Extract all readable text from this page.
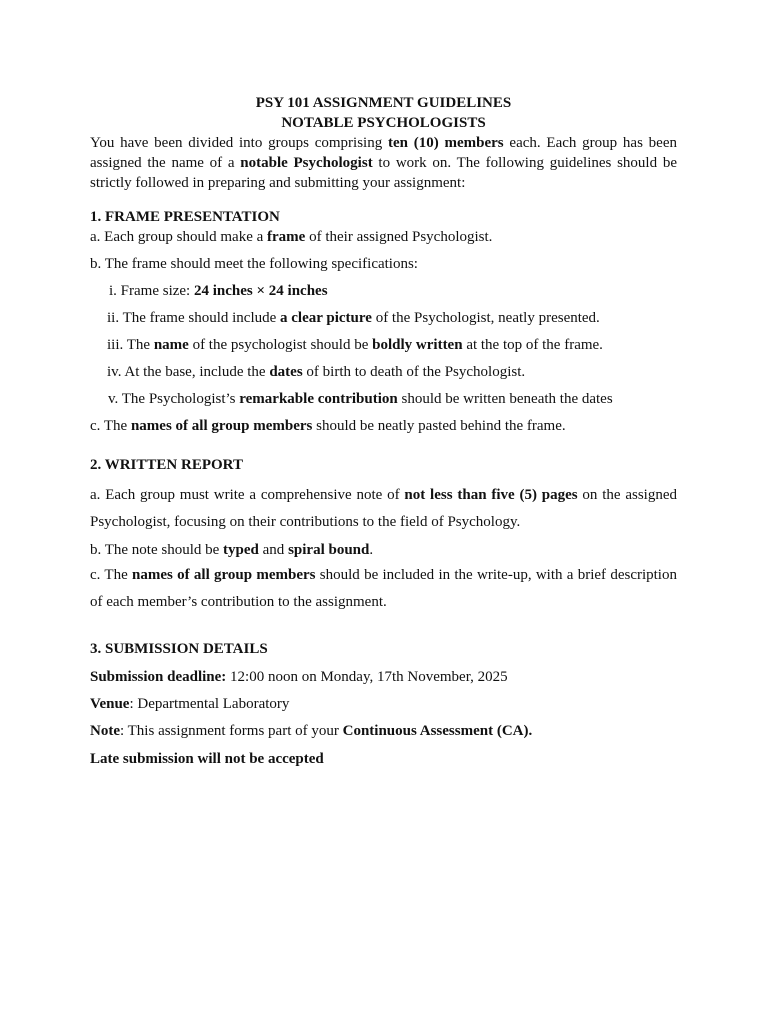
PSY 101 ASSIGNMENT GUIDELINES
NOTABLE PSYCHOLOGISTS

You have been divided into groups comprising ten (10) members each. Each group has been assigned the name of a notable Psychologist to work on. The following guidelines should be strictly followed in preparing and submitting your assignment:

1. FRAME PRESENTATION

a. Each group should make a frame of their assigned Psychologist.

b. The frame should meet the following specifications:

i. Frame size: 24 inches × 24 inches

ii. The frame should include a clear picture of the Psychologist, neatly presented.

iii. The name of the psychologist should be boldly written at the top of the frame.

iv. At the base, include the dates of birth to death of the Psychologist.

v. The Psychologist’s remarkable contribution should be written beneath the dates

c. The names of all group members should be neatly pasted behind the frame.

2. WRITTEN REPORT

a. Each group must write a comprehensive note of not less than five (5) pages on the assigned Psychologist, focusing on their contributions to the field of Psychology.

b. The note should be typed and spiral bound.

c. The names of all group members should be included in the write-up, with a brief description of each member’s contribution to the assignment.

3. SUBMISSION DETAILS

Submission deadline: 12:00 noon on Monday, 17th November, 2025

Venue: Departmental Laboratory

Note: This assignment forms part of your Continuous Assessment (CA).

Late submission will not be accepted
